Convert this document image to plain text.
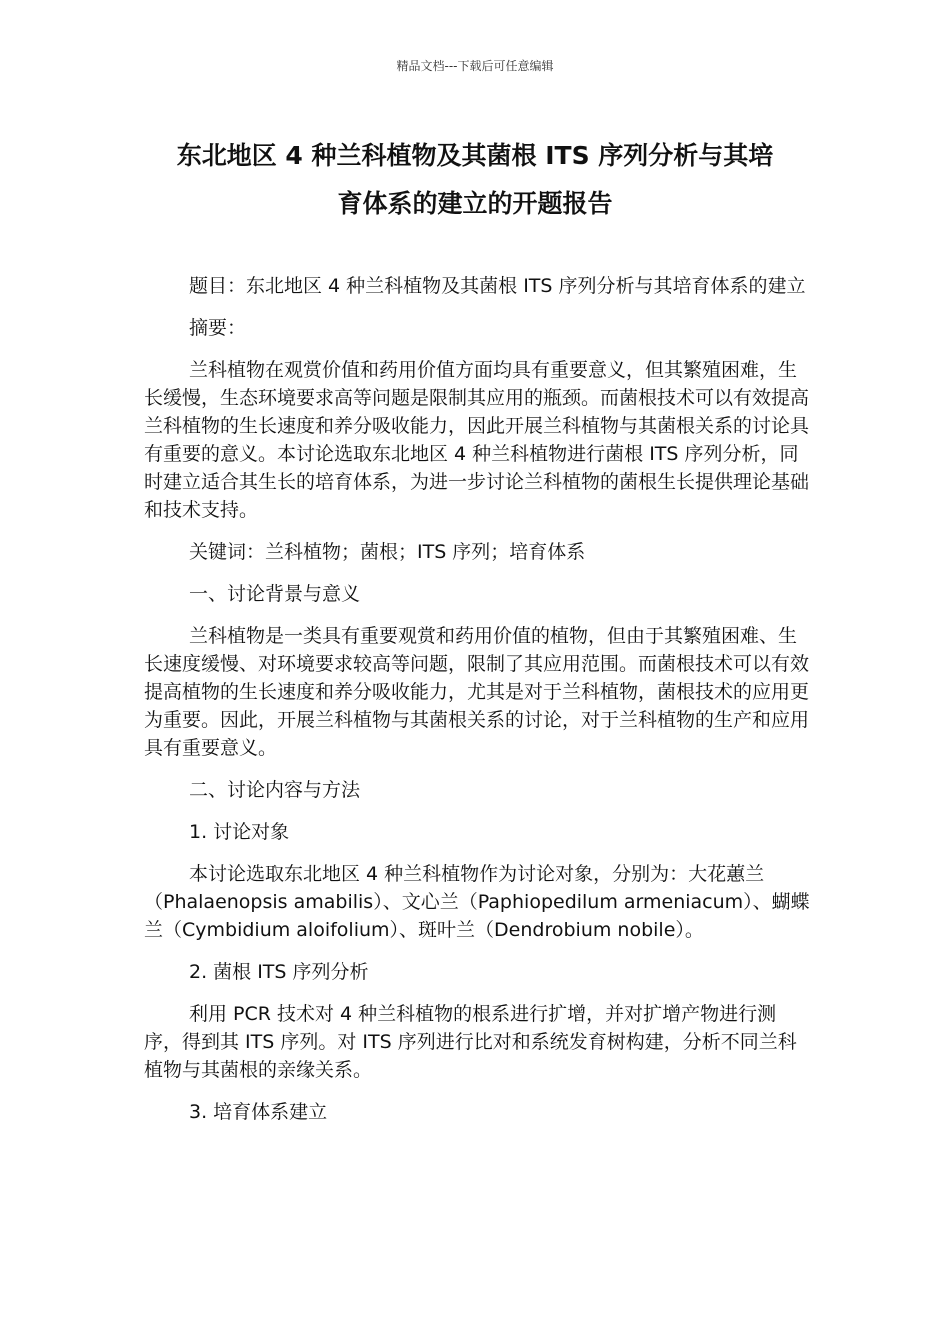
精品文档---下载后可任意编辑
东北地区 4 种兰科植物及其菌根 ITS 序列分析与其培
育体系的建立的开题报告

题目：东北地区 4 种兰科植物及其菌根 ITS 序列分析与其培育体系的建立

摘要：

兰科植物在观赏价值和药用价值方面均具有重要意义，但其繁殖困难，生长缓慢，生态环境要求高等问题是限制其应用的瓶颈。而菌根技术可以有效提高兰科植物的生长速度和养分吸收能力，因此开展兰科植物与其菌根关系的讨论具有重要的意义。本讨论选取东北地区 4 种兰科植物进行菌根 ITS 序列分析，同时建立适合其生长的培育体系，为进一步讨论兰科植物的菌根生长提供理论基础和技术支持。

关键词：兰科植物；菌根；ITS 序列；培育体系

一、讨论背景与意义

兰科植物是一类具有重要观赏和药用价值的植物，但由于其繁殖困难、生长速度缓慢、对环境要求较高等问题，限制了其应用范围。而菌根技术可以有效提高植物的生长速度和养分吸收能力，尤其是对于兰科植物，菌根技术的应用更为重要。因此，开展兰科植物与其菌根关系的讨论，对于兰科植物的生产和应用具有重要意义。

二、讨论内容与方法

1. 讨论对象

本讨论选取东北地区 4 种兰科植物作为讨论对象，分别为：大花蕙兰（Phalaenopsis amabilis）、文心兰（Paphiopedilum armeniacum）、蝴蝶兰（Cymbidium aloifolium）、斑叶兰（Dendrobium nobile）。

2. 菌根 ITS 序列分析

利用 PCR 技术对 4 种兰科植物的根系进行扩增，并对扩增产物进行测序，得到其 ITS 序列。对 ITS 序列进行比对和系统发育树构建，分析不同兰科植物与其菌根的亲缘关系。

3. 培育体系建立
